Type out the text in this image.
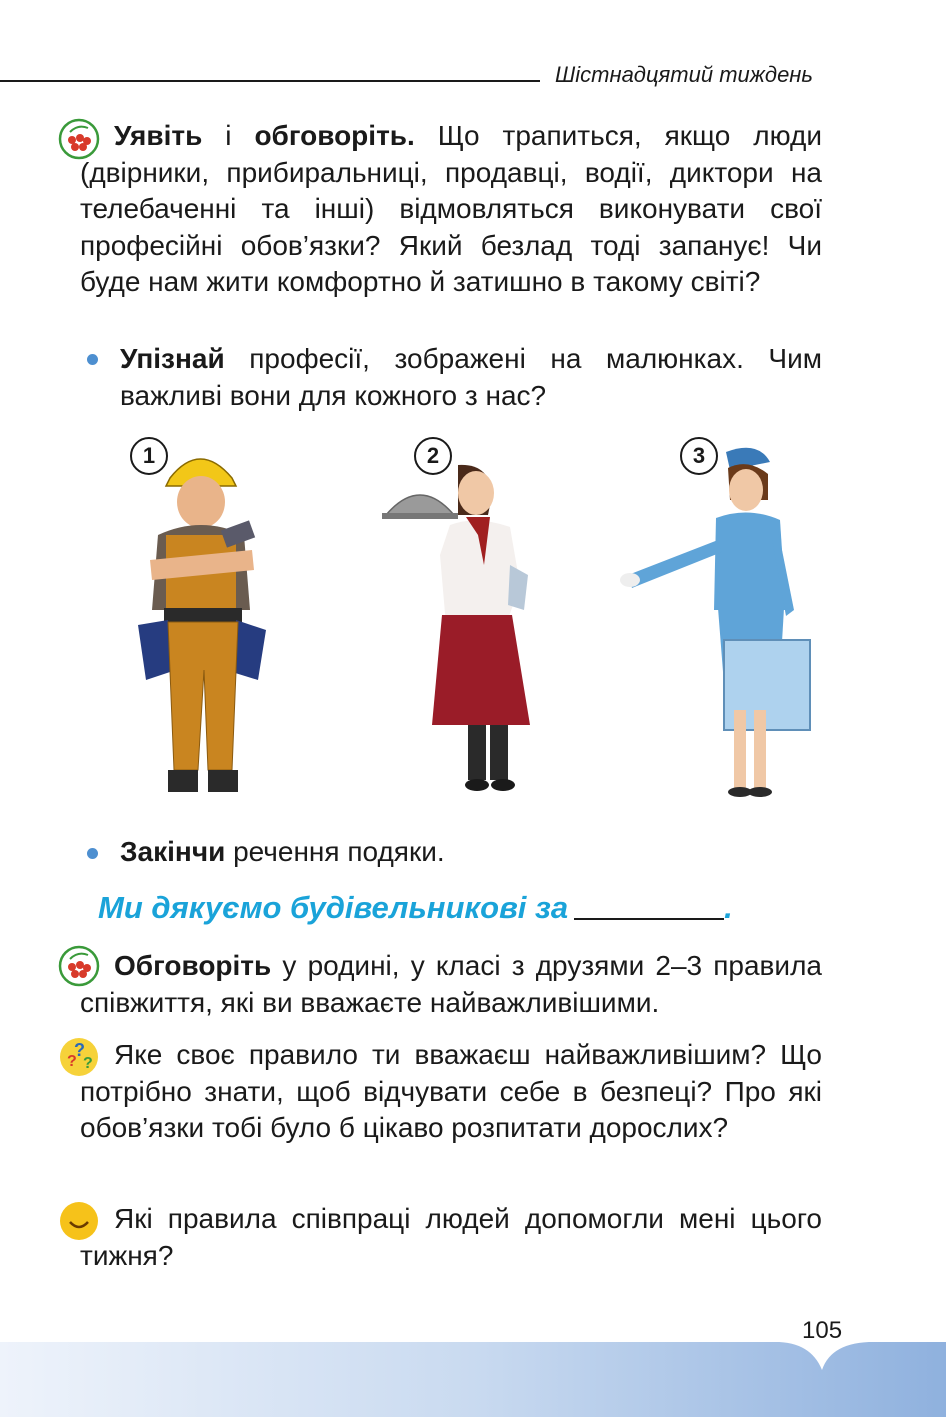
Шістнадцятий тиждень
Уявіть і обговоріть. Що трапиться, якщо люди (двірники, прибиральниці, продавці, водії, диктори на телебаченні та інші) відмовляться виконувати свої професійні обов’язки? Який безлад тоді запанує! Чи буде нам жити комфортно й затишно в такому світі?
Упізнай професії, зображені на малюнках. Чим важливі вони для кожного з нас?
1	2	3
Закінчи речення подяки.
Ми дякуємо будівельникові за	.
Обговоріть у родині, у класі з друзями 2–3 правила співжиття, які ви вважаєте найважливішими.
?
?
? Яке своє правило ти вважаєш найважливішим? Що потрібно знати, щоб відчувати себе в безпеці? Про які обов’язки тобі було б цікаво розпитати дорослих?
Які правила співпраці людей допомогли мені цього тижня?
105
